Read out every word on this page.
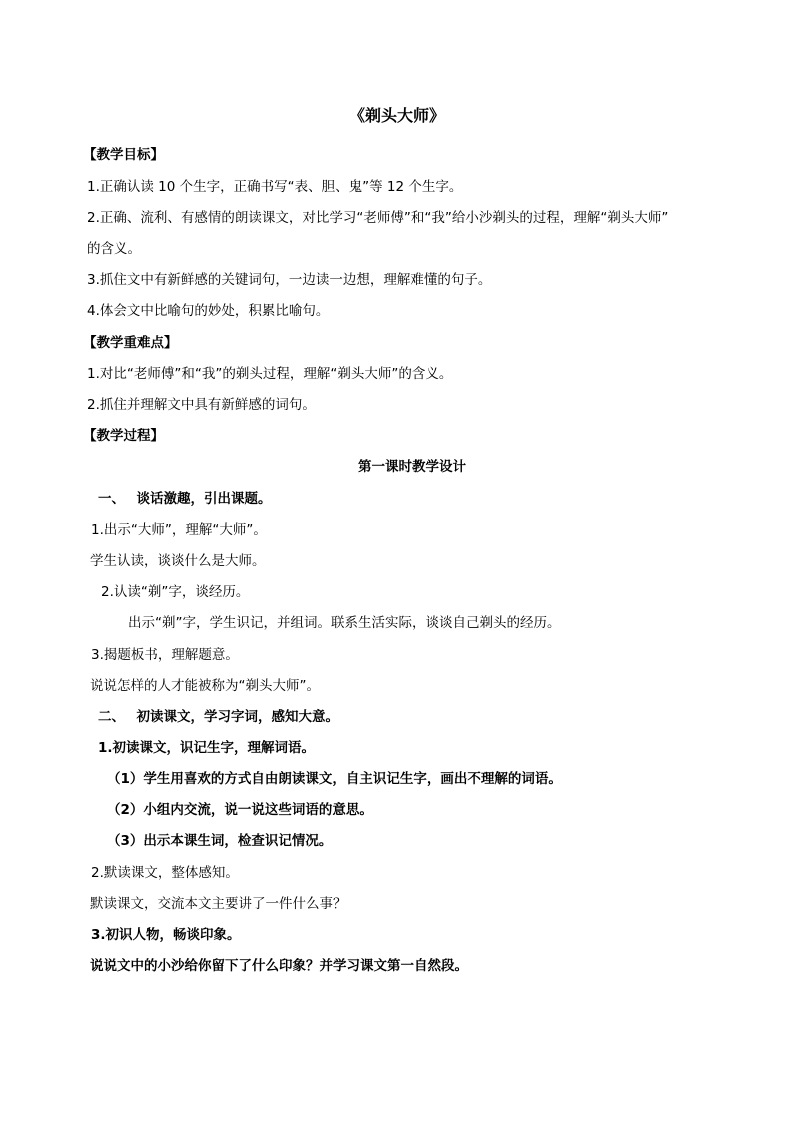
《剃头大师》
【教学目标】
1.正确认读 10 个生字，正确书写“表、胆、鬼”等 12 个生字。
2.正确、流利、有感情的朗读课文，对比学习“老师傅”和“我”给小沙剃头的过程，理解“剃头大师”
的含义。
3.抓住文中有新鲜感的关键词句，一边读一边想，理解难懂的句子。
4.体会文中比喻句的妙处，积累比喻句。
【教学重难点】
1.对比“老师傅”和“我”的剃头过程，理解“剃头大师”的含义。
2.抓住并理解文中具有新鲜感的词句。
【教学过程】
第一课时教学设计
一、　 谈话激趣，引出课题。
1.出示“大师”，理解“大师”。
学生认读，谈谈什么是大师。
2.认读“剃”字，谈经历。
出示“剃”字，学生识记，并组词。联系生活实际，谈谈自己剃头的经历。
3.揭题板书，理解题意。
说说怎样的人才能被称为“剃头大师”。
二、　 初读课文，学习字词，感知大意。
1.初读课文，识记生字，理解词语。
（1）学生用喜欢的方式自由朗读课文，自主识记生字，画出不理解的词语。
（2）小组内交流，说一说这些词语的意思。
（3）出示本课生词，检查识记情况。
2.默读课文，整体感知。
默读课文，交流本文主要讲了一件什么事？
3.初识人物，畅谈印象。
说说文中的小沙给你留下了什么印象？并学习课文第一自然段。
